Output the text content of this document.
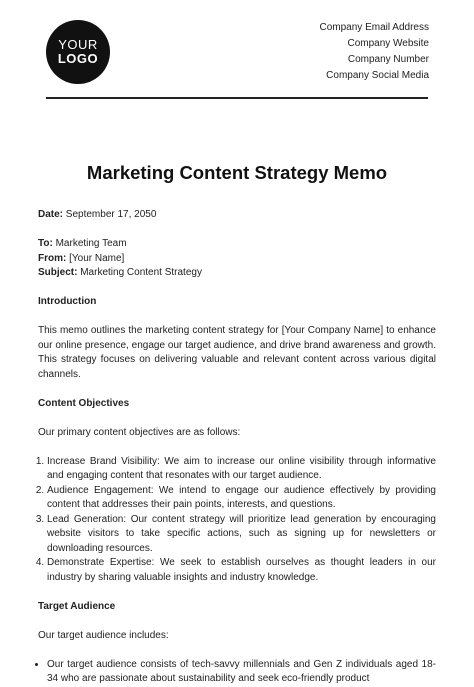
YOUR
LOGO
Company Email Address
Company Website
Company Number
Company Social Media
Marketing Content Strategy Memo

Date: September 17, 2050

To: Marketing Team

From: [Your Name]

Subject: Marketing Content Strategy

Introduction

This memo outlines the marketing content strategy for [Your Company Name] to enhance our online presence, engage our target audience, and drive brand awareness and growth. This strategy focuses on delivering valuable and relevant content across various digital channels.

Content Objectives

Our primary content objectives are as follows:

1. Increase Brand Visibility: We aim to increase our online visibility through informative and engaging content that resonates with our target audience.
2. Audience Engagement: We intend to engage our audience effectively by providing content that addresses their pain points, interests, and questions.
3. Lead Generation: Our content strategy will prioritize lead generation by encouraging website visitors to take specific actions, such as signing up for newsletters or downloading resources.
4. Demonstrate Expertise: We seek to establish ourselves as thought leaders in our industry by sharing valuable insights and industry knowledge.

Target Audience

Our target audience includes:

• Our target audience consists of tech-savvy millennials and Gen Z individuals aged 18-34 who are passionate about sustainability and seek eco-friendly product
